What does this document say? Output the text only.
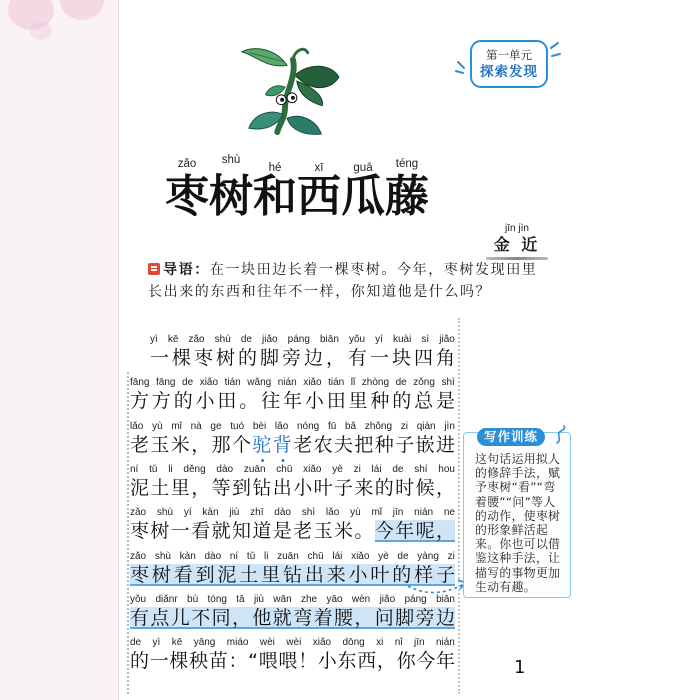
第一单元
探索发现
zǎo
枣
shù
树
hé
和
xī
西
guā
瓜
téng
藤
jīn jìn
金 近
导语：在一块田边长着一棵枣树。今年，枣树发现田里长出来的东西和往年不一样，你知道他是什么吗？
yì kē zǎo shù de jiǎo páng biān yǒu yí kuài sì jiǎo
一棵枣树的脚旁边，有一块四角
fāng fāng de xiǎo tián wǎng nián xiǎo tián lǐ zhòng de zǒng shì
方方的小田。往年小田里种的总是
lǎo yù mǐ nà ge tuó bèi lǎo nóng fū bǎ zhǒng zi qiàn jìn
老玉米，那个驼背老农夫把种子嵌进
ní tǔ li děng dào zuān chū xiǎo yè zi lái de shí hou
泥土里，等到钻出小叶子来的时候，
zǎo shù yí kàn jiù zhī dào shì lǎo yù mǐ jīn nián ne
枣树一看就知道是老玉米。今年呢，
zǎo shù kàn dào ní tǔ li zuān chū lái xiǎo yè de yàng zi
枣树看到泥土里钻出来小叶的样子
yǒu diǎnr bù tóng tā jiù wān zhe yāo wèn jiǎo páng biān
有点儿不同，他就弯着腰，问脚旁边
de yì kē yāng miáo wèi wèi xiǎo dōng xi nǐ jīn nián
的一棵秧苗：“喂喂！小东西，你今年
写作训练
这句话运用拟人的修辞手法，赋予枣树“看”“弯着腰”“问”等人的动作，使枣树的形象鲜活起来。你也可以借鉴这种手法，让描写的事物更加生动有趣。
1
